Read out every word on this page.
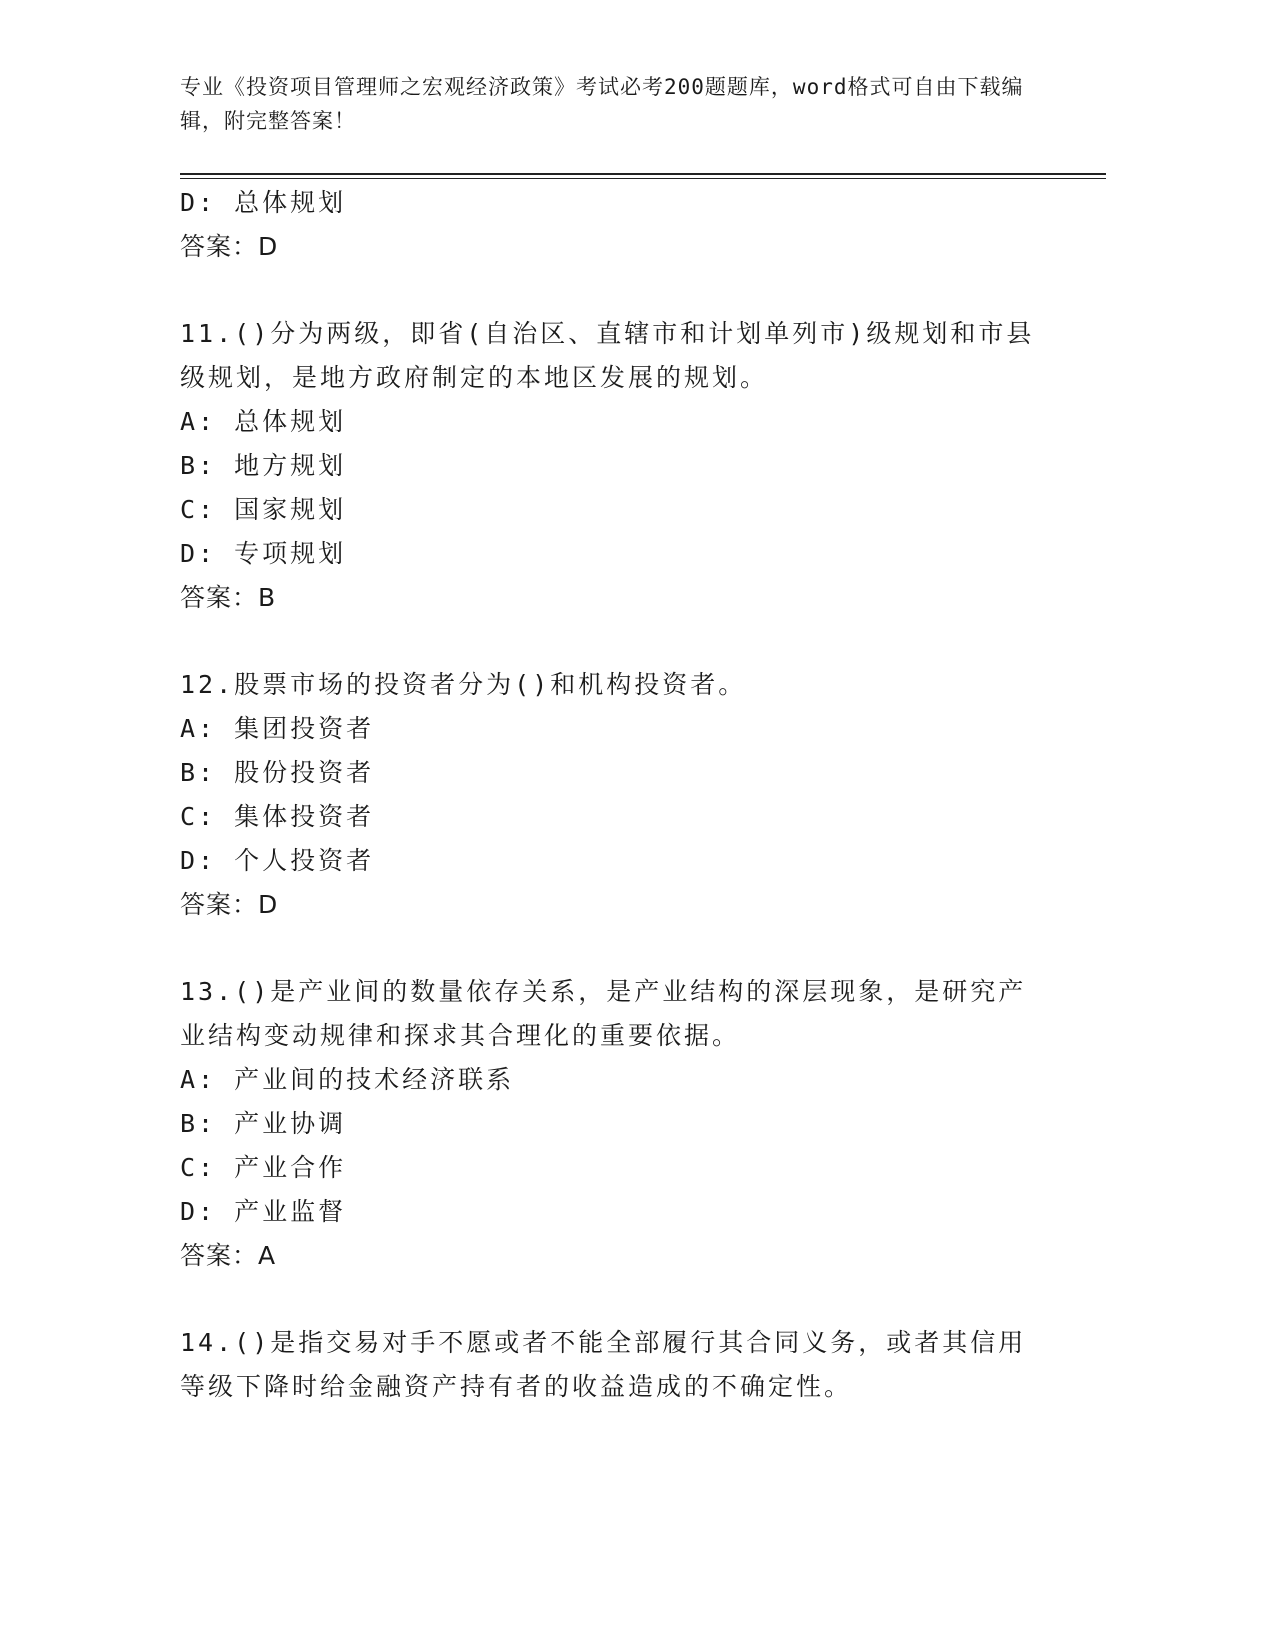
专业《投资项目管理师之宏观经济政策》考试必考200题题库，word格式可自由下载编辑，附完整答案！
D: 总体规划
答案：D
11.()分为两级，即省(自治区、直辖市和计划单列市)级规划和市县级规划，是地方政府制定的本地区发展的规划。
A: 总体规划
B: 地方规划
C: 国家规划
D: 专项规划
答案：B
12.股票市场的投资者分为()和机构投资者。
A: 集团投资者
B: 股份投资者
C: 集体投资者
D: 个人投资者
答案：D
13.()是产业间的数量依存关系，是产业结构的深层现象，是研究产业结构变动规律和探求其合理化的重要依据。
A: 产业间的技术经济联系
B: 产业协调
C: 产业合作
D: 产业监督
答案：A
14.()是指交易对手不愿或者不能全部履行其合同义务，或者其信用等级下降时给金融资产持有者的收益造成的不确定性。
